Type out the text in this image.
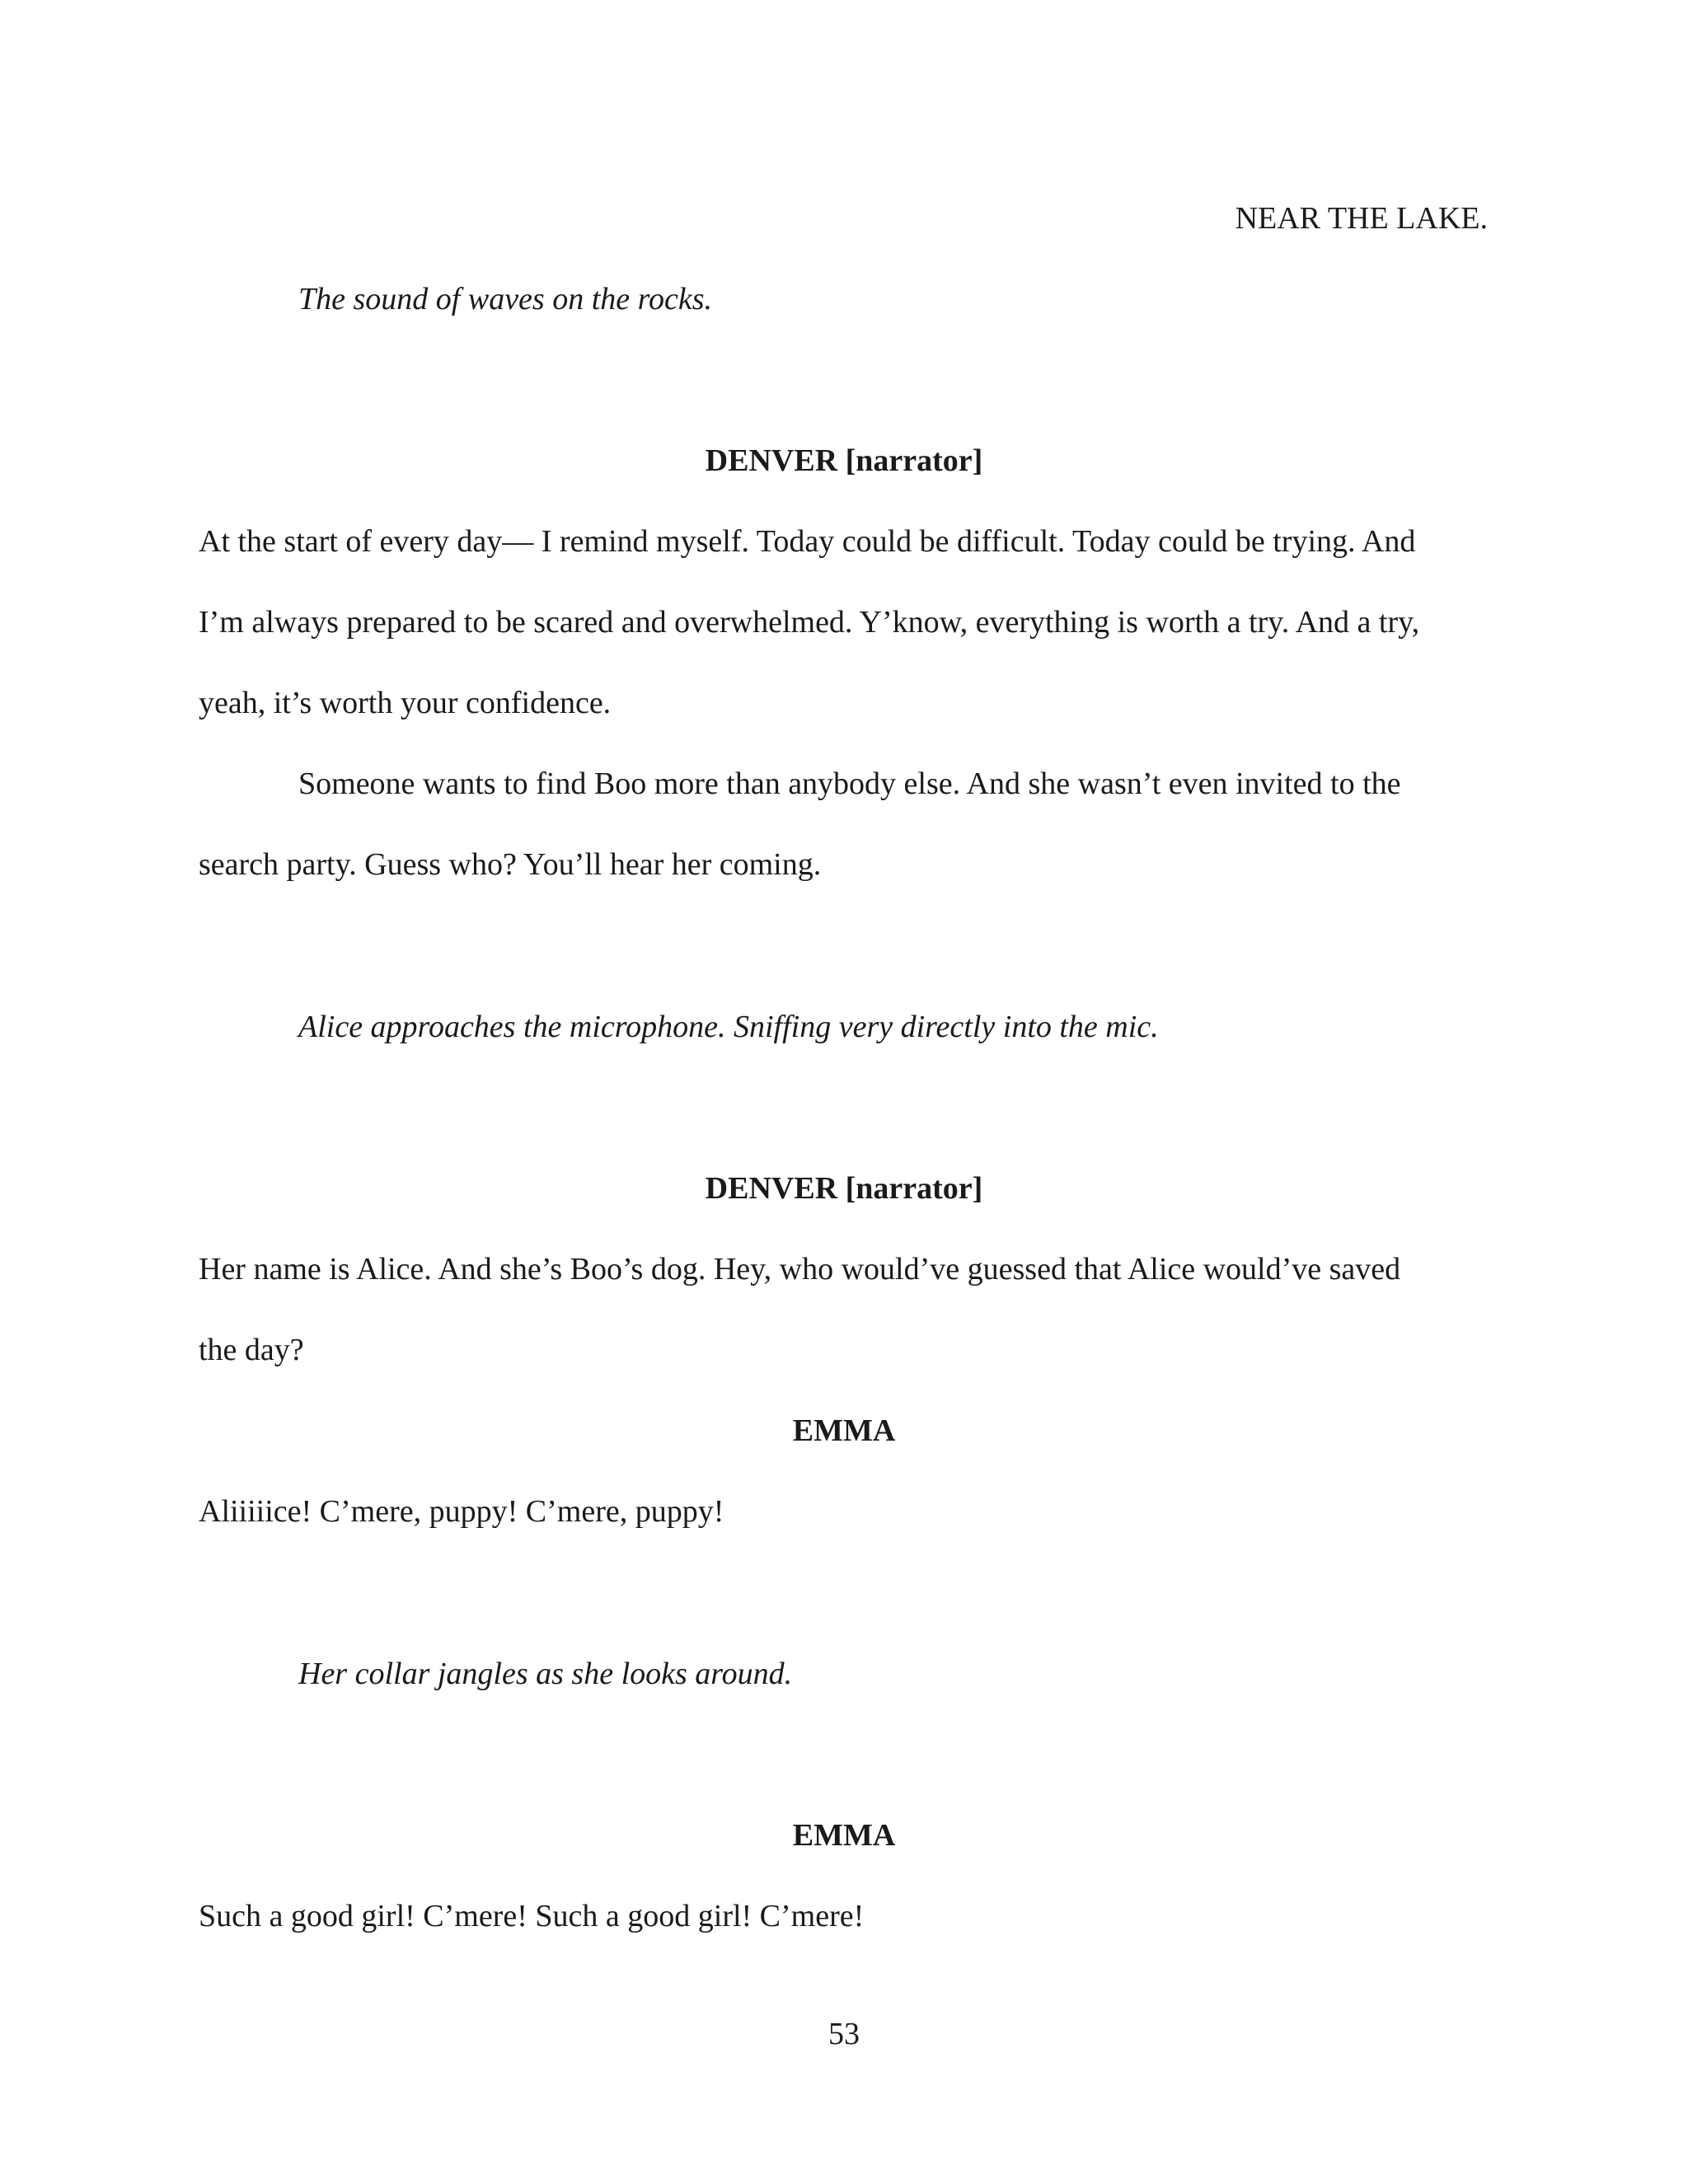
NEAR THE LAKE.
The sound of waves on the rocks.
DENVER [narrator]
At the start of every day— I remind myself. Today could be difficult. Today could be trying. And
I’m always prepared to be scared and overwhelmed. Y’know, everything is worth a try. And a try,
yeah, it’s worth your confidence.
Someone wants to find Boo more than anybody else. And she wasn’t even invited to the
search party. Guess who? You’ll hear her coming.
Alice approaches the microphone. Sniffing very directly into the mic.
DENVER [narrator]
Her name is Alice. And she’s Boo’s dog. Hey, who would’ve guessed that Alice would’ve saved
the day?
EMMA
Aliiiiice! C’mere, puppy! C’mere, puppy!
Her collar jangles as she looks around.
EMMA
Such a good girl! C’mere! Such a good girl! C’mere!
53
